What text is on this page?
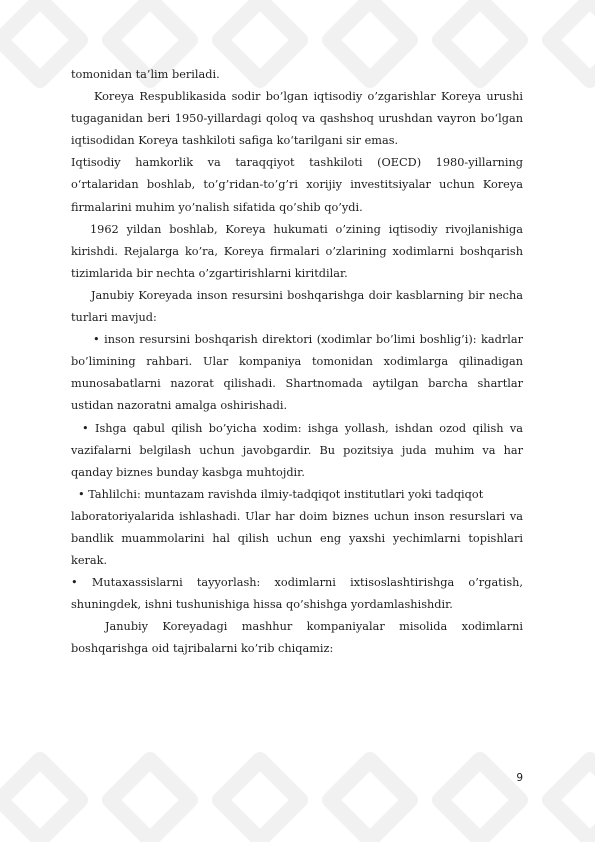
tomonidan ta’lim beriladi.

Koreya Respublikasida sodir bo’lgan iqtisodiy o’zgarishlar Koreya urushi tugaganidan beri 1950-yillardagi qoloq va qashshoq urushdan vayron bo‘lgan iqtisodidan Koreya tashkiloti safiga ko‘tarilgani sir emas.

Iqtisodiy hamkorlik va taraqqiyot tashkiloti (OECD) 1980-yillarning o‘rtalaridan boshlab, to’g’ridan-to’g’ri xorijiy investitsiyalar uchun Koreya firmalarini muhim yo’nalish sifatida qo’shib qo’ydi.

1962 yildan boshlab, Koreya hukumati o’zining iqtisodiy rivojlanishiga kirishdi. Rejalarga ko’ra, Koreya firmalari o’zlarining xodimlarni boshqarish tizimlarida bir nechta o’zgartirishlarni kiritdilar.

Janubiy Koreyada inson resursini boshqarishga doir kasblarning bir necha turlari mavjud:

• inson resursini boshqarish direktori (xodimlar bo’limi boshlig’i): kadrlar bo’limining rahbari. Ular kompaniya tomonidan xodimlarga qilinadigan munosabatlarni nazorat qilishadi. Shartnomada aytilgan barcha shartlar ustidan nazoratni amalga oshirishadi.

• Ishga qabul qilish bo’yicha xodim: ishga yollash, ishdan ozod qilish va vazifalarni belgilash uchun javobgardir. Bu pozitsiya juda muhim va har qanday biznes bunday kasbga muhtojdir.

• Tahlilchi: muntazam ravishda ilmiy-tadqiqot institutlari yoki tadqiqot

laboratoriyalarida ishlashadi. Ular har doim biznes uchun inson resurslari va bandlik muammolarini hal qilish uchun eng yaxshi yechimlarni topishlari kerak.

• Mutaxassislarni tayyorlash: xodimlarni ixtisoslashtirishga o’rgatish, shuningdek, ishni tushunishiga hissa qo’shishga yordamlashishdir.

Janubiy Koreyadagi mashhur kompaniyalar misolida xodimlarni boshqarishga oid tajribalarni ko’rib chiqamiz:

9
